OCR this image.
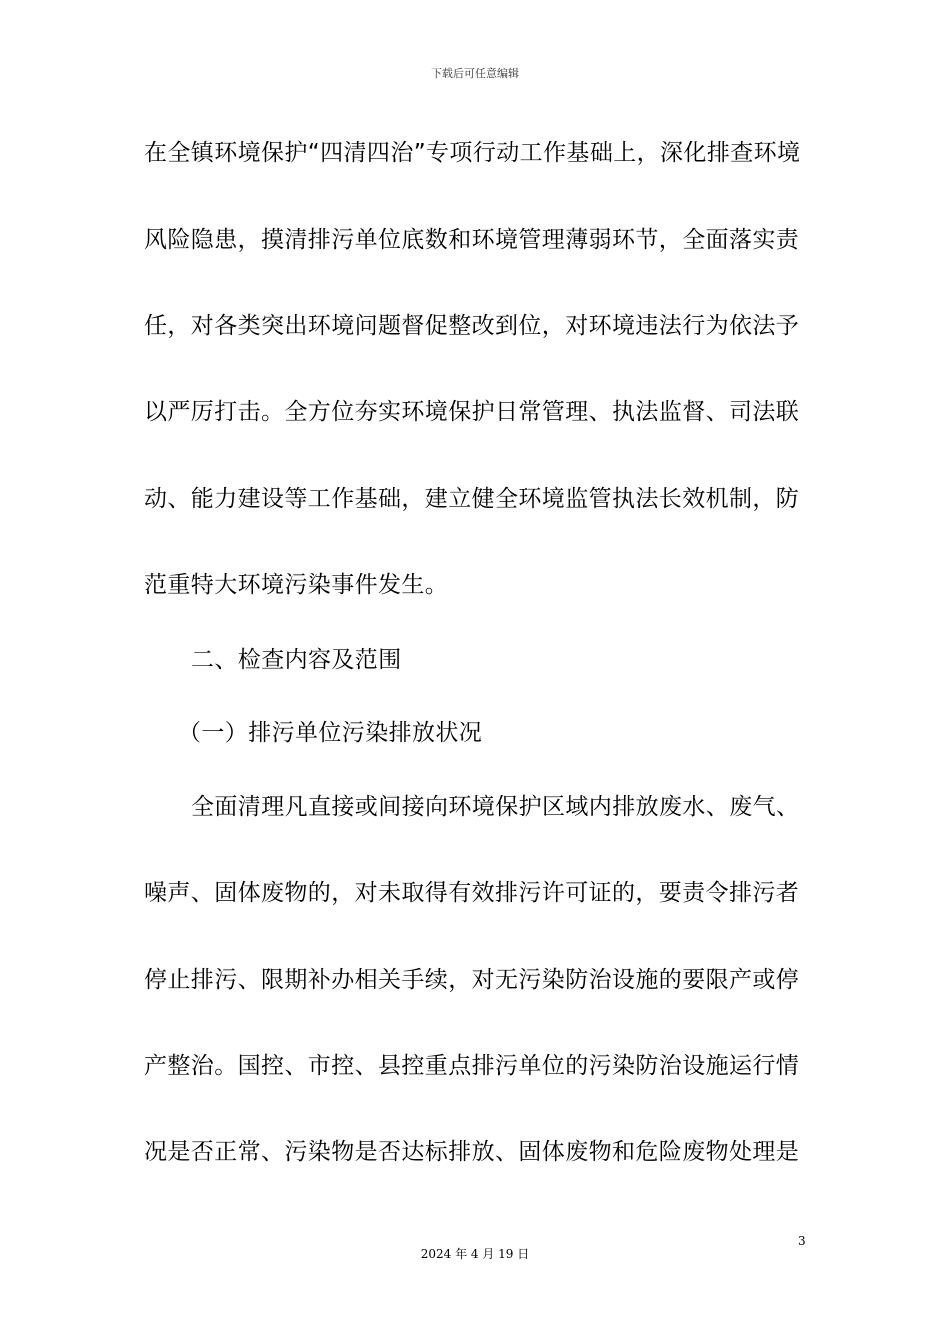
下载后可任意编辑
在全镇环境保护“四清四治”专项行动工作基础上，深化排查环境
风险隐患，摸清排污单位底数和环境管理薄弱环节，全面落实责
任，对各类突出环境问题督促整改到位，对环境违法行为依法予
以严厉打击。全方位夯实环境保护日常管理、执法监督、司法联
动、能力建设等工作基础，建立健全环境监管执法长效机制，防
范重特大环境污染事件发生。
二、检查内容及范围
（一）排污单位污染排放状况
全面清理凡直接或间接向环境保护区域内排放废水、废气、
噪声、固体废物的，对未取得有效排污许可证的，要责令排污者
停止排污、限期补办相关手续，对无污染防治设施的要限产或停
产整治。国控、市控、县控重点排污单位的污染防治设施运行情
况是否正常、污染物是否达标排放、固体废物和危险废物处理是
3
2024 年 4 月 19 日
